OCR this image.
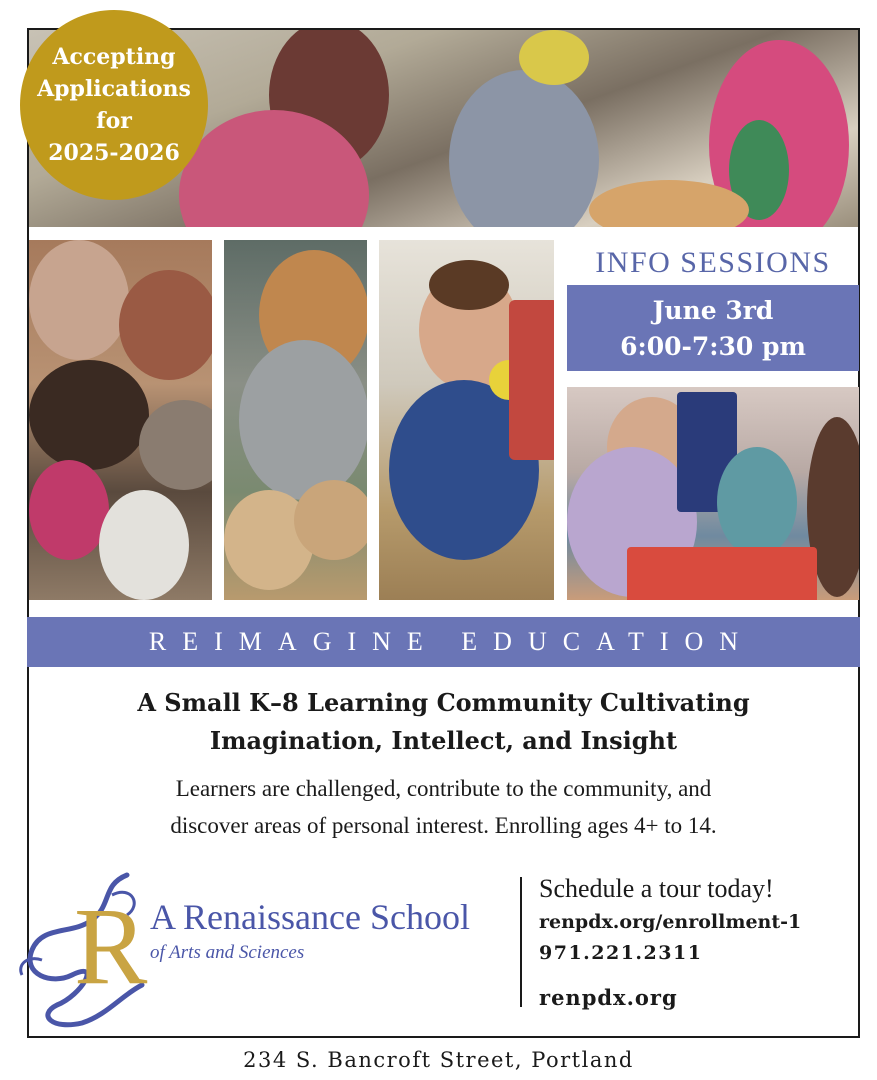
Accepting
Applications
for
2025-2026
INFO SESSIONS
June 3rd
6:00-7:30 pm
REIMAGINE EDUCATION
A Small K–8 Learning Community Cultivating
Imagination, Intellect, and Insight
Learners are challenged, contribute to the community, and
discover areas of personal interest. Enrolling ages 4+ to 14.
R A Renaissance School
of Arts and Sciences
Schedule a tour today!
renpdx.org/enrollment-1
971.221.2311
renpdx.org
234 S. Bancroft Street, Portland
